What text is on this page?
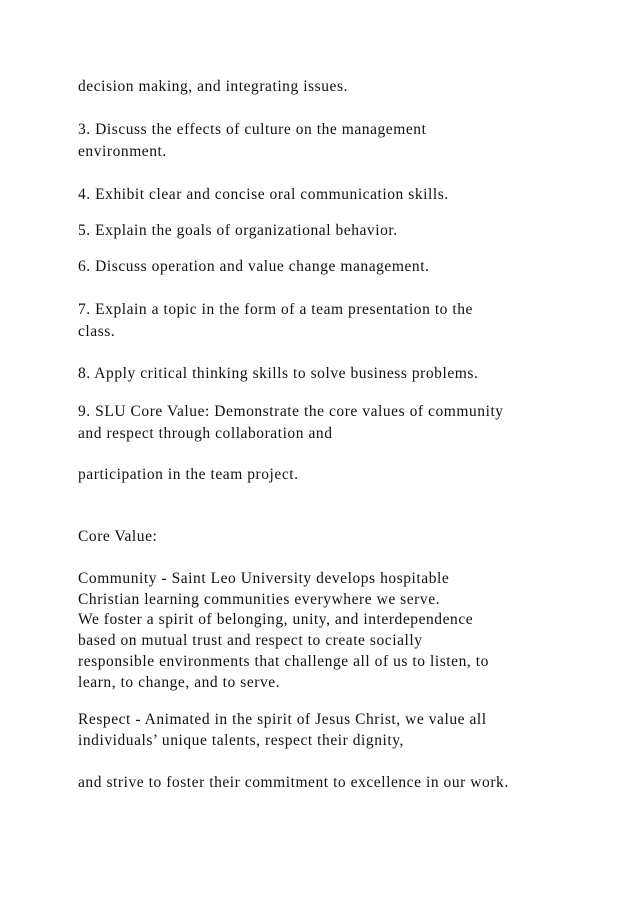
decision making, and integrating issues.
3. Discuss the effects of culture on the management
environment.
4. Exhibit clear and concise oral communication skills.
5. Explain the goals of organizational behavior.
6. Discuss operation and value change management.
7. Explain a topic in the form of a team presentation to the
class.
8. Apply critical thinking skills to solve business problems.
9. SLU Core Value: Demonstrate the core values of community
and respect through collaboration and
participation in the team project.
Core Value:
Community - Saint Leo University develops hospitable
Christian learning communities everywhere we serve.
We foster a spirit of belonging, unity, and interdependence
based on mutual trust and respect to create socially
responsible environments that challenge all of us to listen, to
learn, to change, and to serve.
Respect - Animated in the spirit of Jesus Christ, we value all
individuals’ unique talents, respect their dignity,
and strive to foster their commitment to excellence in our work.
